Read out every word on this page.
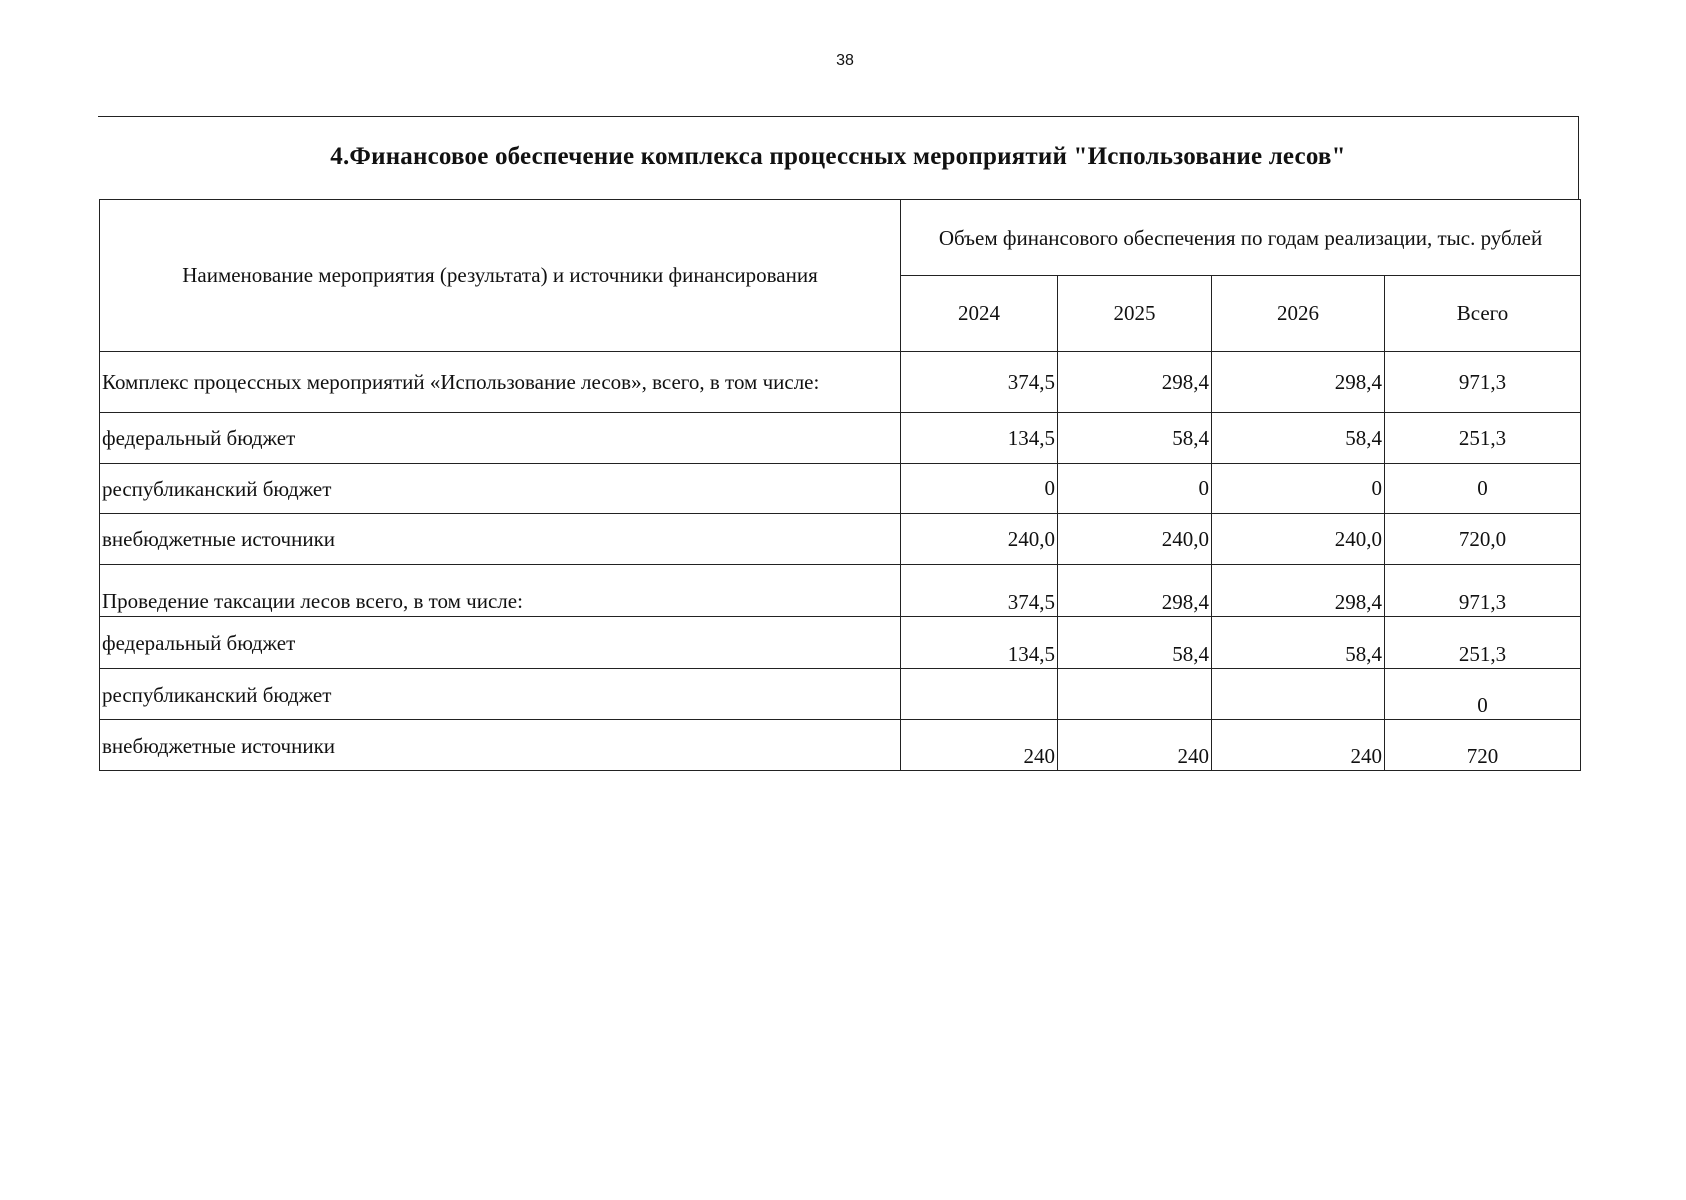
38
4.Финансовое обеспечение комплекса процессных мероприятий "Использование лесов"
Наименование мероприятия (результата) и источники финансирования	Объем финансового обеспечения по годам реализации, тыс. рублей			
	2024	2025	2026	Всего
Комплекс процессных мероприятий «Использование лесов», всего, в том числе:	374,5	298,4	298,4	971,3
федеральный бюджет	134,5	58,4	58,4	251,3
республиканский бюджет	0	0	0	0
внебюджетные источники	240,0	240,0	240,0	720,0
Проведение таксации лесов всего, в том числе:	374,5	298,4	298,4	971,3
федеральный бюджет	134,5	58,4	58,4	251,3
республиканский бюджет				0
внебюджетные источники	240	240	240	720
